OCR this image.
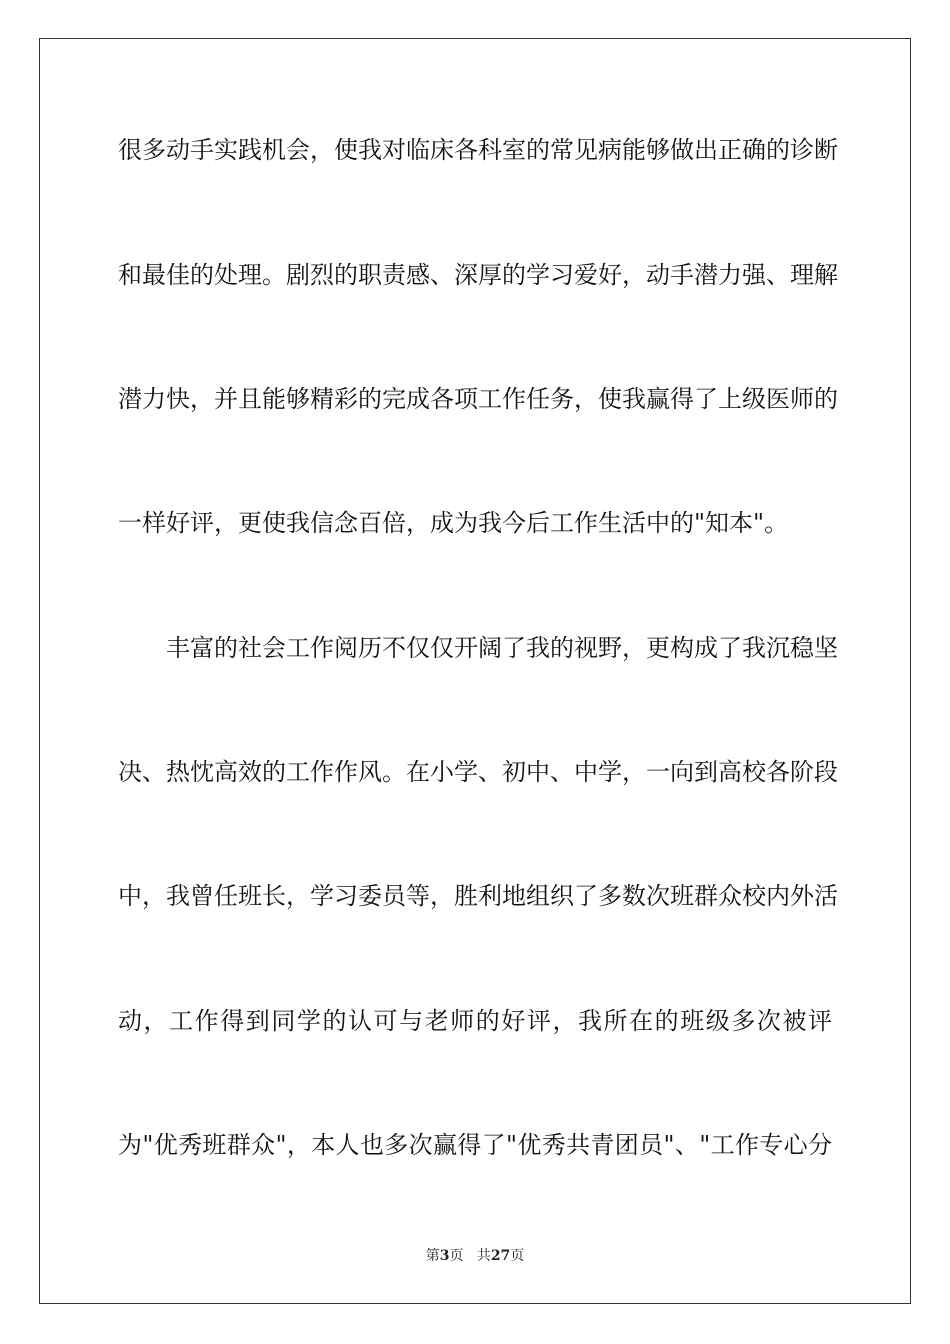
很多动手实践机会，使我对临床各科室的常见病能够做出正确的诊断
和最佳的处理。剧烈的职责感、深厚的学习爱好，动手潜力强、理解
潜力快，并且能够精彩的完成各项工作任务，使我赢得了上级医师的
一样好评，更使我信念百倍，成为我今后工作生活中的"知本"。
丰富的社会工作阅历不仅仅开阔了我的视野，更构成了我沉稳坚
决、热忱高效的工作作风。在小学、初中、中学，一向到高校各阶段
中，我曾任班长，学习委员等，胜利地组织了多数次班群众校内外活
动，工作得到同学的认可与老师的好评，我所在的班级多次被评
为"优秀班群众"，本人也多次赢得了"优秀共青团员"、"工作专心分
第3页 共27页
